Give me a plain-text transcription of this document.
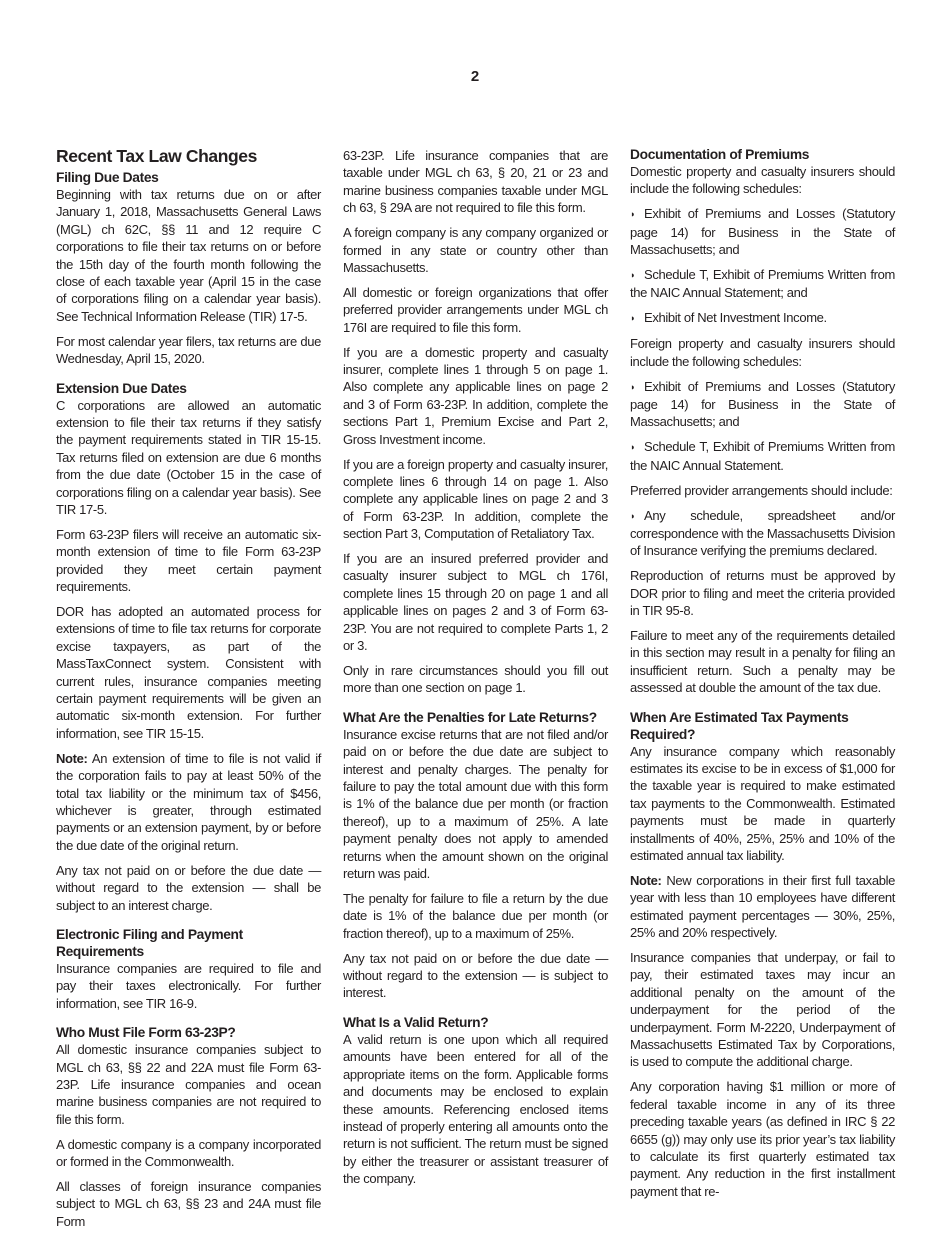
2
Recent Tax Law Changes
Filing Due Dates

Beginning with tax returns due on or after January 1, 2018, Massachusetts General Laws (MGL) ch 62C, §§ 11 and 12 require C corporations to file their tax returns on or before the 15th day of the fourth month following the close of each taxable year (April 15 in the case of corporations filing on a calendar year basis). See Technical Information Release (TIR) 17-5.

For most calendar year filers, tax returns are due Wednesday, April 15, 2020.

Extension Due Dates

C corporations are allowed an automatic extension to file their tax returns if they satisfy the payment requirements stated in TIR 15-15. Tax returns filed on extension are due 6 months from the due date (October 15 in the case of corporations filing on a calendar year basis). See TIR 17-5.

Form 63-23P filers will receive an automatic six-month extension of time to file Form 63-23P provided they meet certain payment requirements.

DOR has adopted an automated process for extensions of time to file tax returns for corporate excise taxpayers, as part of the MassTaxConnect system. Consistent with current rules, insurance companies meeting certain payment requirements will be given an automatic six-month extension. For further information, see TIR 15-15.

Note: An extension of time to file is not valid if the corporation fails to pay at least 50% of the total tax liability or the minimum tax of $456, whichever is greater, through estimated payments or an extension payment, by or before the due date of the original return.

Any tax not paid on or before the due date — without regard to the extension — shall be subject to an interest charge.

Electronic Filing and Payment Requirements

Insurance companies are required to file and pay their taxes electronically. For further information, see TIR 16-9.

Who Must File Form 63-23P?

All domestic insurance companies subject to MGL ch 63, §§ 22 and 22A must file Form 63-23P. Life insurance companies and ocean marine business companies are not required to file this form.

A domestic company is a company incorporated or formed in the Commonwealth.

All classes of foreign insurance companies subject to MGL ch 63, §§ 23 and 24A must file Form

63-23P. Life insurance companies that are taxable under MGL ch 63, § 20, 21 or 23 and marine business companies taxable under MGL ch 63, § 29A are not required to file this form.

A foreign company is any company organized or formed in any state or country other than Massachusetts.

All domestic or foreign organizations that offer preferred provider arrangements under MGL ch 176I are required to file this form.

If you are a domestic property and casualty insurer, complete lines 1 through 5 on page 1. Also complete any applicable lines on page 2 and 3 of Form 63-23P. In addition, complete the sections Part 1, Premium Excise and Part 2, Gross Investment income.

If you are a foreign property and casualty insurer, complete lines 6 through 14 on page 1. Also complete any applicable lines on page 2 and 3 of Form 63-23P. In addition, complete the section Part 3, Computation of Retaliatory Tax.

If you are an insured preferred provider and casualty insurer subject to MGL ch 176I, complete lines 15 through 20 on page 1 and all applicable lines on pages 2 and 3 of Form 63-23P. You are not required to complete Parts 1, 2 or 3.

Only in rare circumstances should you fill out more than one section on page 1.

What Are the Penalties for Late Returns?

Insurance excise returns that are not filed and/or paid on or before the due date are subject to interest and penalty charges. The penalty for failure to pay the total amount due with this form is 1% of the balance due per month (or fraction thereof), up to a maximum of 25%. A late payment penalty does not apply to amended returns when the amount shown on the original return was paid.

The penalty for failure to file a return by the due date is 1% of the balance due per month (or fraction thereof), up to a maximum of 25%.

Any tax not paid on or before the due date — without regard to the extension — is subject to interest.

What Is a Valid Return?

A valid return is one upon which all required amounts have been entered for all of the appropriate items on the form. Applicable forms and documents may be enclosed to explain these amounts. Referencing enclosed items instead of properly entering all amounts onto the return is not sufficient. The return must be signed by either the treasurer or assistant treasurer of the company.

Documentation of Premiums

Domestic property and casualty insurers should include the following schedules:

◗ Exhibit of Premiums and Losses (Statutory page 14) for Business in the State of Massachusetts; and

◗ Schedule T, Exhibit of Premiums Written from the NAIC Annual Statement; and

◗ Exhibit of Net Investment Income.

Foreign property and casualty insurers should include the following schedules:

◗ Exhibit of Premiums and Losses (Statutory page 14) for Business in the State of Massachusetts; and

◗ Schedule T, Exhibit of Premiums Written from the NAIC Annual Statement.

Preferred provider arrangements should include:

◗ Any schedule, spreadsheet and/or correspondence with the Massachusetts Division of Insurance verifying the premiums declared.

Reproduction of returns must be approved by DOR prior to filing and meet the criteria provided in TIR 95-8.

Failure to meet any of the requirements detailed in this section may result in a penalty for filing an insufficient return. Such a penalty may be assessed at double the amount of the tax due.

When Are Estimated Tax Payments Required?

Any insurance company which reasonably estimates its excise to be in excess of $1,000 for the taxable year is required to make estimated tax payments to the Commonwealth. Estimated payments must be made in quarterly installments of 40%, 25%, 25% and 10% of the estimated annual tax liability.

Note: New corporations in their first full taxable year with less than 10 employees have different estimated payment percentages — 30%, 25%, 25% and 20% respectively.

Insurance companies that underpay, or fail to pay, their estimated taxes may incur an additional penalty on the amount of the underpayment for the period of the underpayment. Form M-2220, Underpayment of Massachusetts Estimated Tax by Corporations, is used to compute the additional charge.

Any corporation having $1 million or more of federal taxable income in any of its three preceding taxable years (as defined in IRC § 22 6655 (g)) may only use its prior year’s tax liability to calculate its first quarterly estimated tax payment. Any reduction in the first installment payment that re-
